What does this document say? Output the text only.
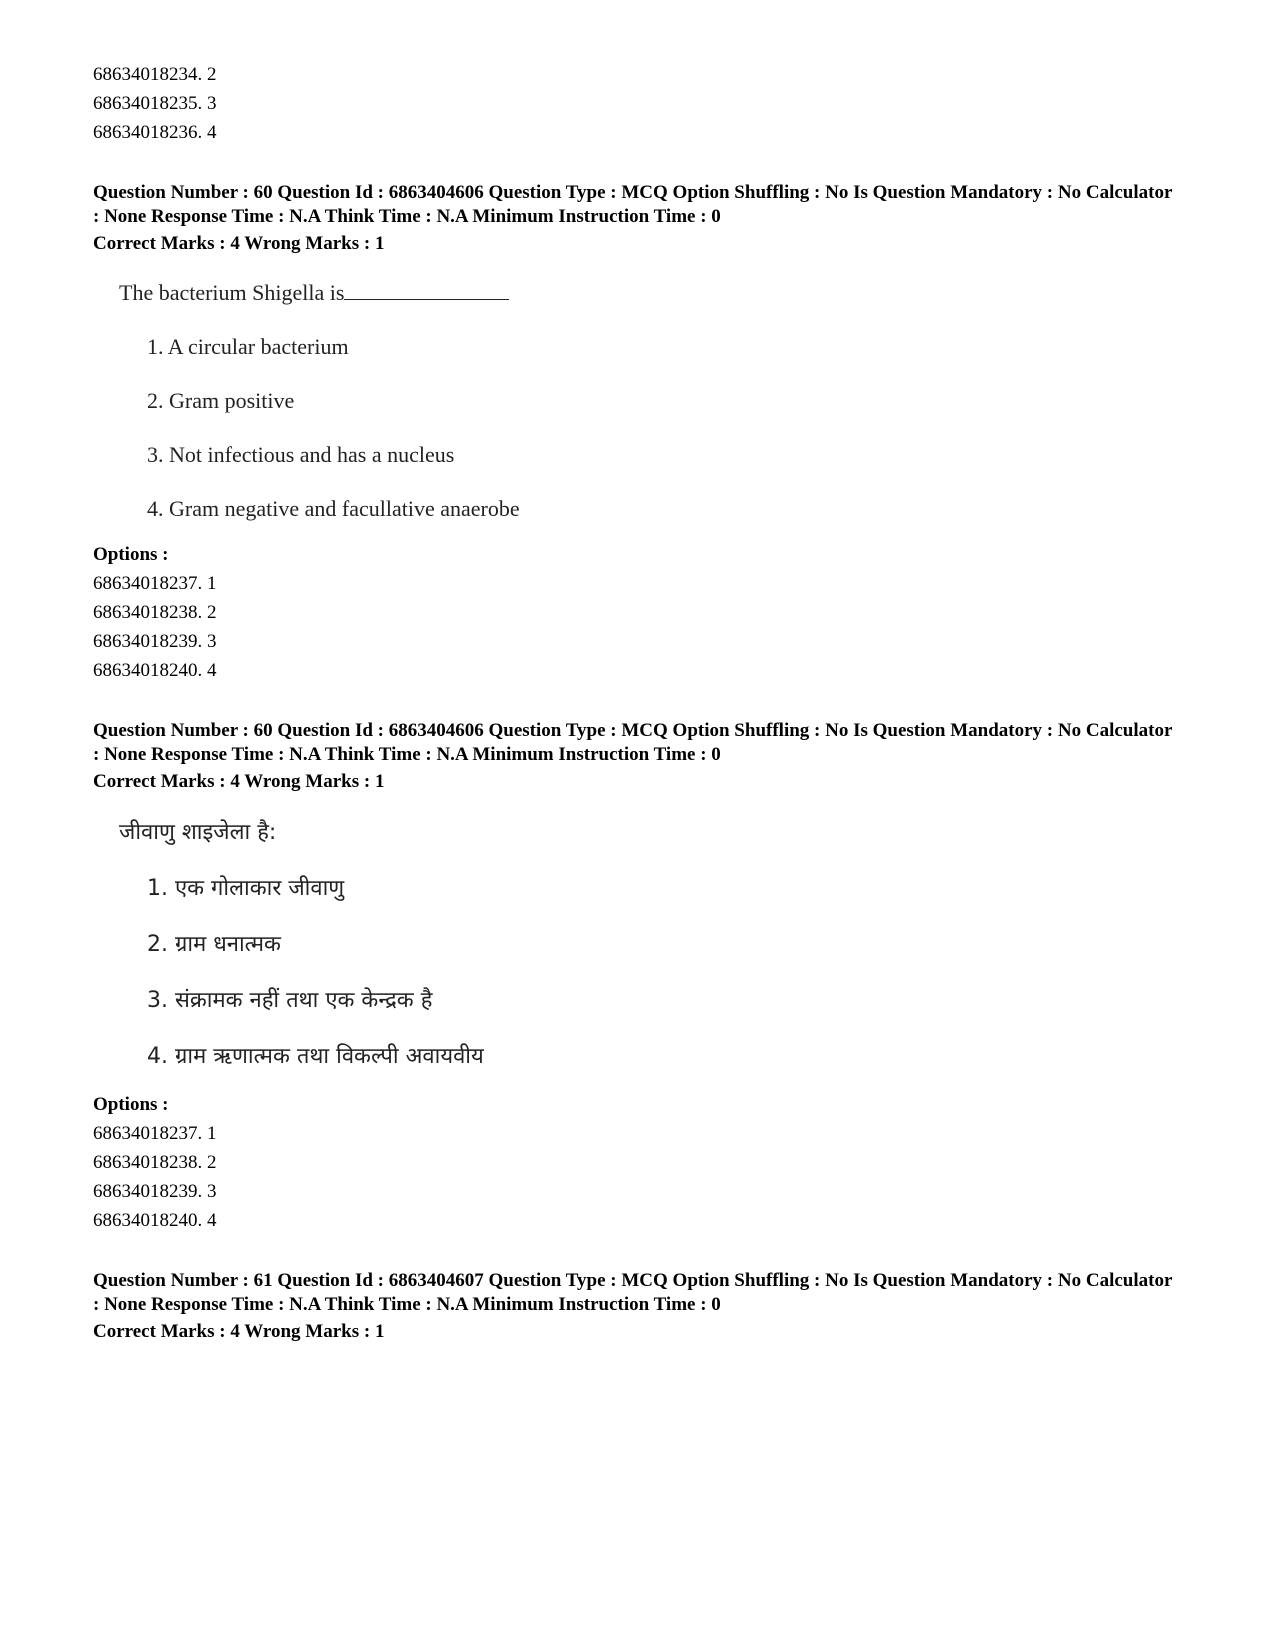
68634018234. 2
68634018235. 3
68634018236. 4
Question Number : 60 Question Id : 6863404606 Question Type : MCQ Option Shuffling : No Is Question Mandatory : No Calculator : None Response Time : N.A Think Time : N.A Minimum Instruction Time : 0
Correct Marks : 4 Wrong Marks : 1
The bacterium Shigella is
1. A circular bacterium
2. Gram positive
3. Not infectious and has a nucleus
4. Gram negative and facullative anaerobe
Options :
68634018237. 1
68634018238. 2
68634018239. 3
68634018240. 4
Question Number : 60 Question Id : 6863404606 Question Type : MCQ Option Shuffling : No Is Question Mandatory : No Calculator : None Response Time : N.A Think Time : N.A Minimum Instruction Time : 0
Correct Marks : 4 Wrong Marks : 1
जीवाणु शाइजेला है:
1. एक गोलाकार जीवाणु
2. ग्राम धनात्मक
3. संक्रामक नहीं तथा एक केन्द्रक है
4. ग्राम ऋणात्मक तथा विकल्पी अवायवीय
Options :
68634018237. 1
68634018238. 2
68634018239. 3
68634018240. 4
Question Number : 61 Question Id : 6863404607 Question Type : MCQ Option Shuffling : No Is Question Mandatory : No Calculator : None Response Time : N.A Think Time : N.A Minimum Instruction Time : 0
Correct Marks : 4 Wrong Marks : 1
